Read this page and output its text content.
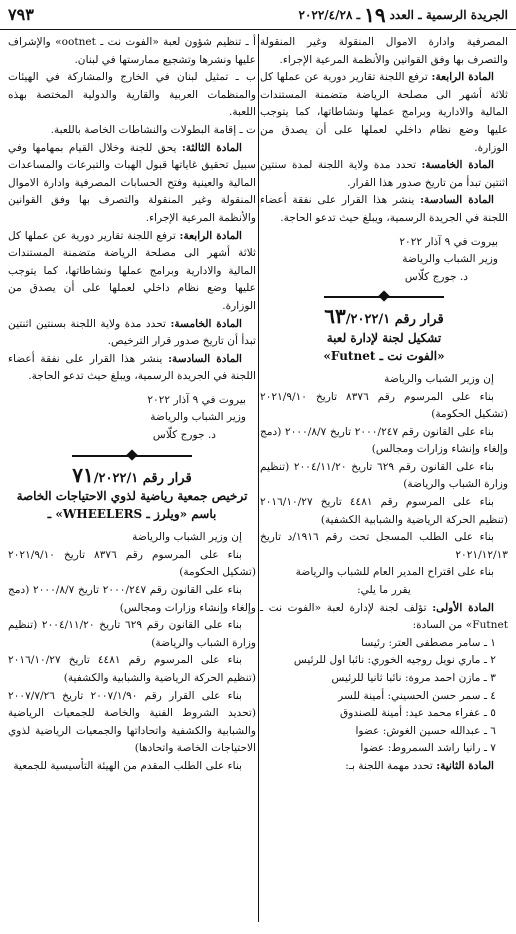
الجريدة الرسمية ـ العدد
١٩
ـ ٢٠٢٢/٤/٢٨
٧٩٣

المصرفية وادارة الاموال المنقولة وغير المنقولة والتصرف بها وفق القوانين والأنظمة المرعية الإجراء.

المادة الرابعة: ترفع اللجنة تقارير دورية عن عملها كل ثلاثة أشهر الى مصلحة الرياضة متضمنة المستندات المالية والادارية وبرامج عملها ونشاطاتها، كما يتوجب عليها وضع نظام داخلي لعملها على أن يصدق من الوزارة.

المادة الخامسة: تحدد مدة ولاية اللجنة لمدة سنتين اثنتين تبدأ من تاريخ صدور هذا القرار.

المادة السادسة: ينشر هذا القرار على نفقة أعضاء اللجنة في الجريدة الرسمية، ويبلغ حيث تدعو الحاجة.

بيروت في ٩ آذار ٢٠٢٢

وزير الشباب والرياضة

د. جورج كلّاس

قرار رقم ٦٣/٢٠٢٢/١

تشكيل لجنة لإدارة لعبة

«الفوت نت ـ Futnet»

إن وزير الشباب والرياضة

بناء على المرسوم رقم ٨٣٧٦ تاريخ ٢٠٢١/٩/١٠ (تشكيل الحكومة)

بناء على القانون رقم ٢٠٠٠/٢٤٧ تاريخ ٢٠٠٠/٨/٧ (دمج وإلغاء وإنشاء وزارات ومجالس)

بناء على القانون رقم ٦٢٩ تاريخ ٢٠٠٤/١١/٢٠ (تنظيم وزارة الشباب والرياضة)

بناء على المرسوم رقم ٤٤٨١ تاريخ ٢٠١٦/١٠/٢٧ (تنظيم الحركة الرياضية والشبابية الكشفية)

بناء على الطلب المسجل تحت رقم ١٩١٦/د تاريخ ٢٠٢١/١٢/١٣

بناء على اقتراح المدير العام للشباب والرياضة

يقرر ما يلي:

المادة الأولى: تؤلف لجنة لإدارة لعبة «الفوت نت ـ Futnet» من السادة:

١ ـ سامر مصطفى العتر: رئيسا
٢ ـ ماري نويل روجيه الخوري: نائبا اول للرئيس
٣ ـ مازن احمد مروة: نائبا ثانيا للرئيس
٤ ـ سمر حسن الحسيني: أمينة للسر
٥ ـ عفراء محمد عيد: أمينة للصندوق
٦ ـ عبدالله حسين الغوش: عضوا
٧ ـ رانيا راشد السمروط: عضوا

المادة الثانية: تحدد مهمة اللجنة بـ:

أ ـ تنظيم شؤون لعبة «الفوت نت ـ ootnet» والإشراف عليها ونشرها وتشجيع ممارستها في لبنان.

ب ـ تمثيل لبنان في الخارج والمشاركة في الهيئات والمنظمات العربية والقارية والدولية المختصة بهذه اللعبة.

ت ـ إقامة البطولات والنشاطات الخاصة باللعبة.

المادة الثالثة: يحق للجنة وخلال القيام بمهامها وفي سبيل تحقيق غاياتها قبول الهبات والتبرعات والمساعدات المالية والعينية وفتح الحسابات المصرفية وادارة الاموال المنقولة وغير المنقولة والتصرف بها وفق القوانين والأنظمة المرعية الإجراء.

المادة الرابعة: ترفع اللجنة تقارير دورية عن عملها كل ثلاثة أشهر الى مصلحة الرياضة متضمنة المستندات المالية والادارية وبرامج عملها ونشاطاتها، كما يتوجب عليها وضع نظام داخلي لعملها على أن يصدق من الوزارة.

المادة الخامسة: تحدد مدة ولاية اللجنة بسنتين اثنتين تبدأ أن تاريخ صدور قرار الترخيص.

المادة السادسة: ينشر هذا القرار على نفقة أعضاء اللجنة في الجريدة الرسمية، ويبلغ حيث تدعو الحاجة.

بيروت في ٩ آذار ٢٠٢٢

وزير الشباب والرياضة

د. جورج كلّاس

قرار رقم ٧١/٢٠٢٢/١

ترخيص جمعية رياضية لذوي الاحتياجات الخاصة باسم «ويلرز ـ WHEELERS» ـ

إن وزير الشباب والرياضة

بناء على المرسوم رقم ٨٣٧٦ تاريخ ٢٠٢١/٩/١٠ (تشكيل الحكومة)

بناء على القانون رقم ٢٠٠٠/٢٤٧ تاريخ ٢٠٠٠/٨/٧ (دمج وإلغاء وإنشاء وزارات ومجالس)

بناء على القانون رقم ٦٢٩ تاريخ ٢٠٠٤/١١/٢٠ (تنظيم وزارة الشباب والرياضة)

بناء على المرسوم رقم ٤٤٨١ تاريخ ٢٠١٦/١٠/٢٧ (تنظيم الحركة الرياضية والشبابية والكشفية)

بناء على القرار رقم ٢٠٠٧/١/٩٠ تاريخ ٢٠٠٧/٧/٢٦ (تحديد الشروط الفنية والخاصة للجمعيات الرياضية والشبابية والكشفية واتحاداتها والجمعيات الرياضية لذوي الاحتياجات الخاصة واتحادها)

بناء على الطلب المقدم من الهيئة التأسيسية للجمعية
